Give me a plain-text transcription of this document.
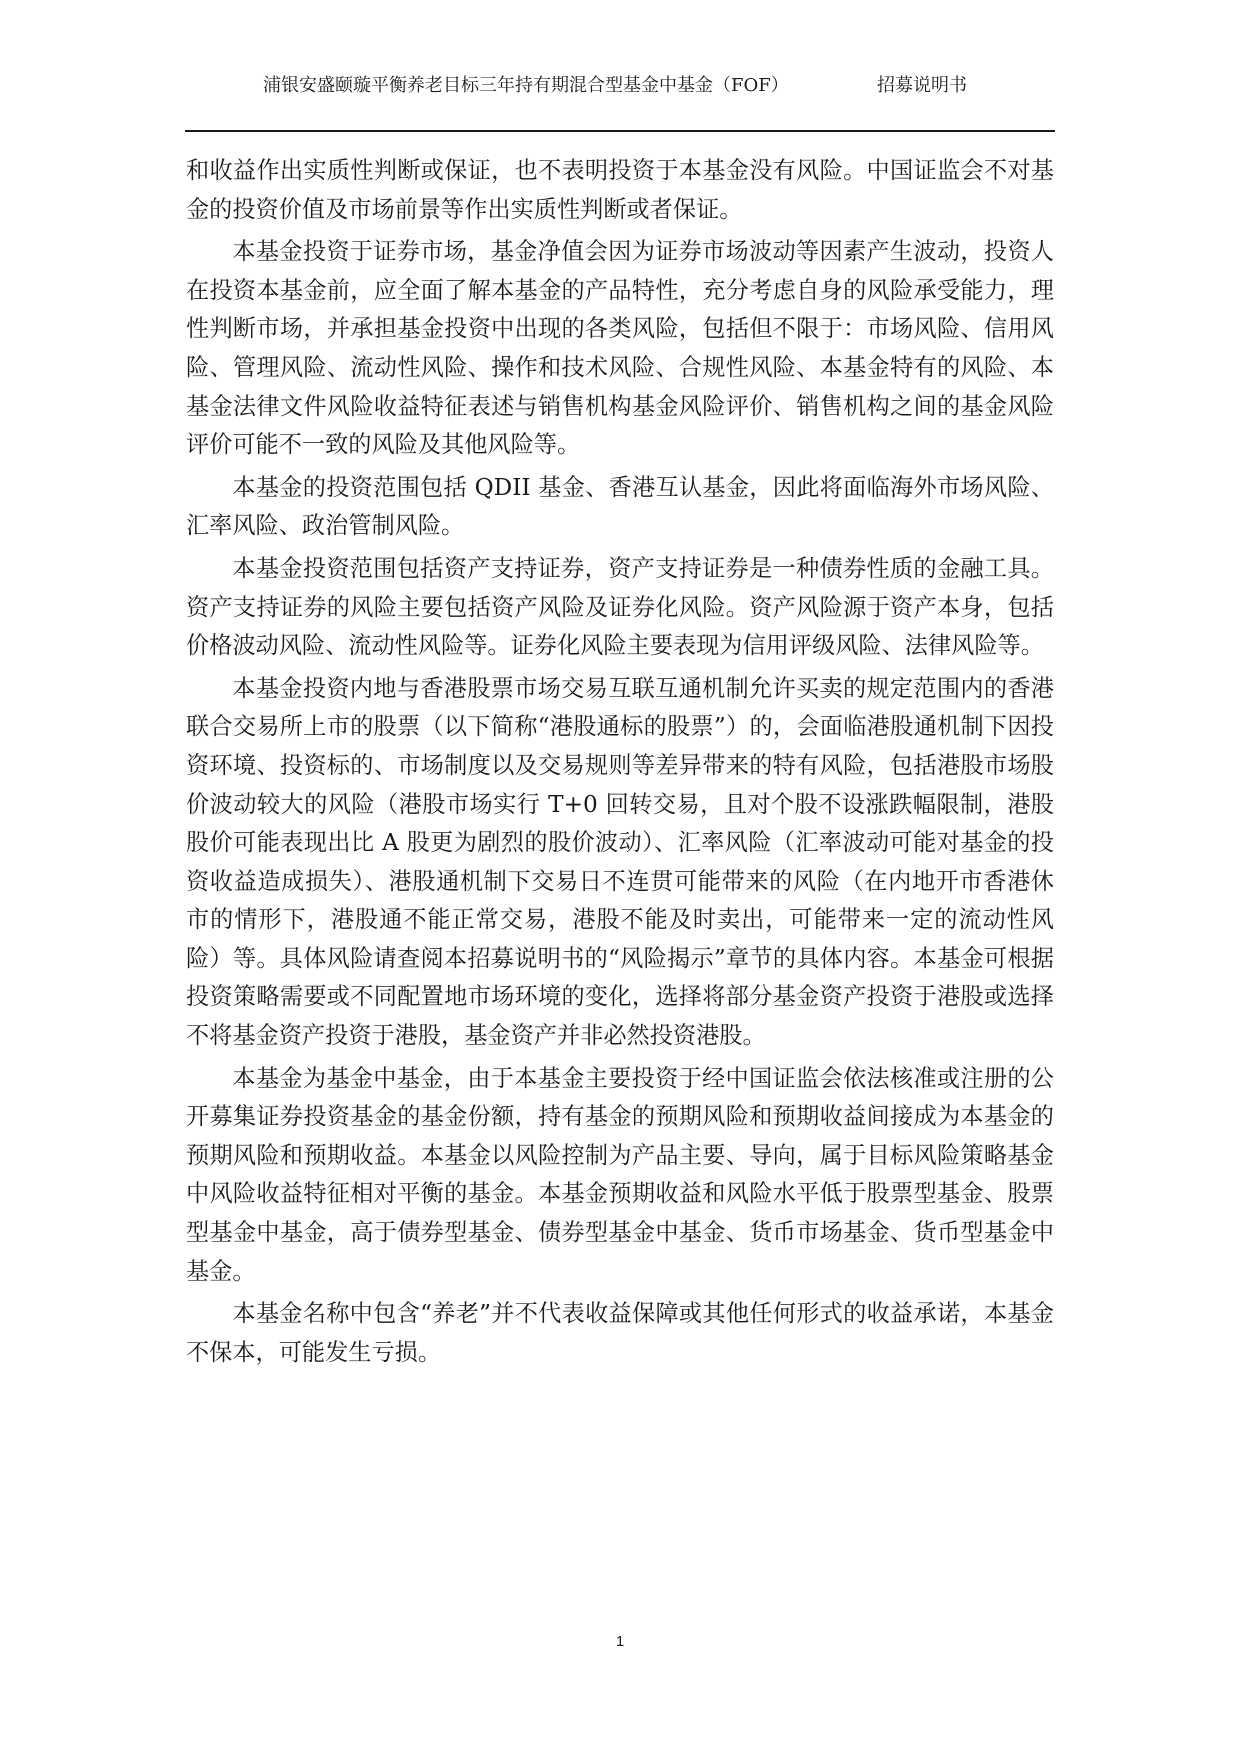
浦银安盛颐璇平衡养老目标三年持有期混合型基金中基金（FOF）	招募说明书

和收益作出实质性判断或保证，也不表明投资于本基金没有风险。中国证监会不对基金的投资价值及市场前景等作出实质性判断或者保证。

本基金投资于证券市场，基金净值会因为证券市场波动等因素产生波动，投资人在投资本基金前，应全面了解本基金的产品特性，充分考虑自身的风险承受能力，理性判断市场，并承担基金投资中出现的各类风险，包括但不限于：市场风险、信用风险、管理风险、流动性风险、操作和技术风险、合规性风险、本基金特有的风险、本基金法律文件风险收益特征表述与销售机构基金风险评价、销售机构之间的基金风险评价可能不一致的风险及其他风险等。

本基金的投资范围包括 QDII 基金、香港互认基金，因此将面临海外市场风险、汇率风险、政治管制风险。

本基金投资范围包括资产支持证券，资产支持证券是一种债券性质的金融工具。资产支持证券的风险主要包括资产风险及证券化风险。资产风险源于资产本身，包括价格波动风险、流动性风险等。证券化风险主要表现为信用评级风险、法律风险等。

本基金投资内地与香港股票市场交易互联互通机制允许买卖的规定范围内的香港联合交易所上市的股票（以下简称“港股通标的股票”）的，会面临港股通机制下因投资环境、投资标的、市场制度以及交易规则等差异带来的特有风险，包括港股市场股价波动较大的风险（港股市场实行 T+0 回转交易，且对个股不设涨跌幅限制，港股股价可能表现出比 A 股更为剧烈的股价波动）、汇率风险（汇率波动可能对基金的投资收益造成损失）、港股通机制下交易日不连贯可能带来的风险（在内地开市香港休市的情形下，港股通不能正常交易，港股不能及时卖出，可能带来一定的流动性风险）等。具体风险请查阅本招募说明书的“风险揭示”章节的具体内容。本基金可根据投资策略需要或不同配置地市场环境的变化，选择将部分基金资产投资于港股或选择不将基金资产投资于港股，基金资产并非必然投资港股。

本基金为基金中基金，由于本基金主要投资于经中国证监会依法核准或注册的公开募集证券投资基金的基金份额，持有基金的预期风险和预期收益间接成为本基金的预期风险和预期收益。本基金以风险控制为产品主要、导向，属于目标风险策略基金中风险收益特征相对平衡的基金。本基金预期收益和风险水平低于股票型基金、股票型基金中基金，高于债券型基金、债券型基金中基金、货币市场基金、货币型基金中基金。

本基金名称中包含“养老”并不代表收益保障或其他任何形式的收益承诺，本基金不保本，可能发生亏损。

1
